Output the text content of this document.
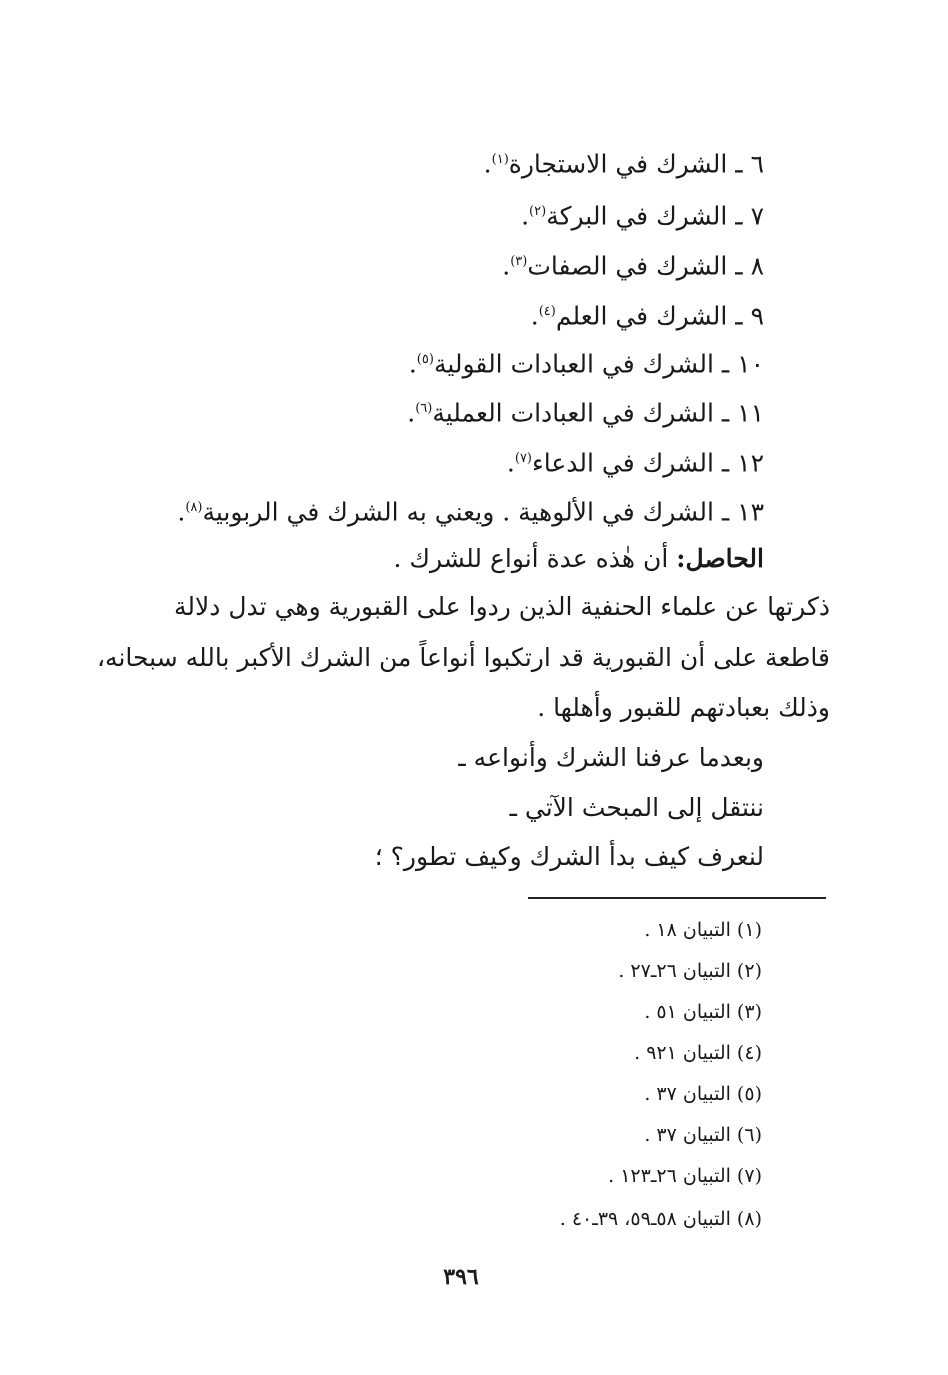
٦ ـ الشرك في الاستجارة$^{(١)}$.
٧ ـ الشرك في البركة$^{(٢)}$.
٨ ـ الشرك في الصفات$^{(٣)}$.
٩ ـ الشرك في العلم$^{(٤)}$.
١٠ ـ الشرك في العبادات القولية$^{(٥)}$.
١١ ـ الشرك في العبادات العملية$^{(٦)}$.
١٢ ـ الشرك في الدعاء$^{(٧)}$.
١٣ ـ الشرك في الألوهية . ويعني به الشرك في الربوبية$^{(٨)}$.
الحاصل: أن هٰذه عدة أنواع للشرك .
ذكرتها عن علماء الحنفية الذين ردوا على القبورية وهي تدل دلالة
قاطعة على أن القبورية قد ارتكبوا أنواعاً من الشرك الأكبر بالله سبحانه،
وذلك بعبادتهم للقبور وأهلها .
وبعدما عرفنا الشرك وأنواعه ـ
ننتقل إلى المبحث الآتي ـ
لنعرف كيف بدأ الشرك وكيف تطور؟ ؛
(١) التبيان ١٨ .
(٢) التبيان ٢٦ـ٢٧ .
(٣) التبيان ٥١ .
(٤) التبيان ٩٢١ .
(٥) التبيان ٣٧ .
(٦) التبيان ٣٧ .
(٧) التبيان ٢٦ـ١٢٣ .
(٨) التبيان ٥٨ـ٥٩، ٣٩ـ٤٠ .
٣٩٦
